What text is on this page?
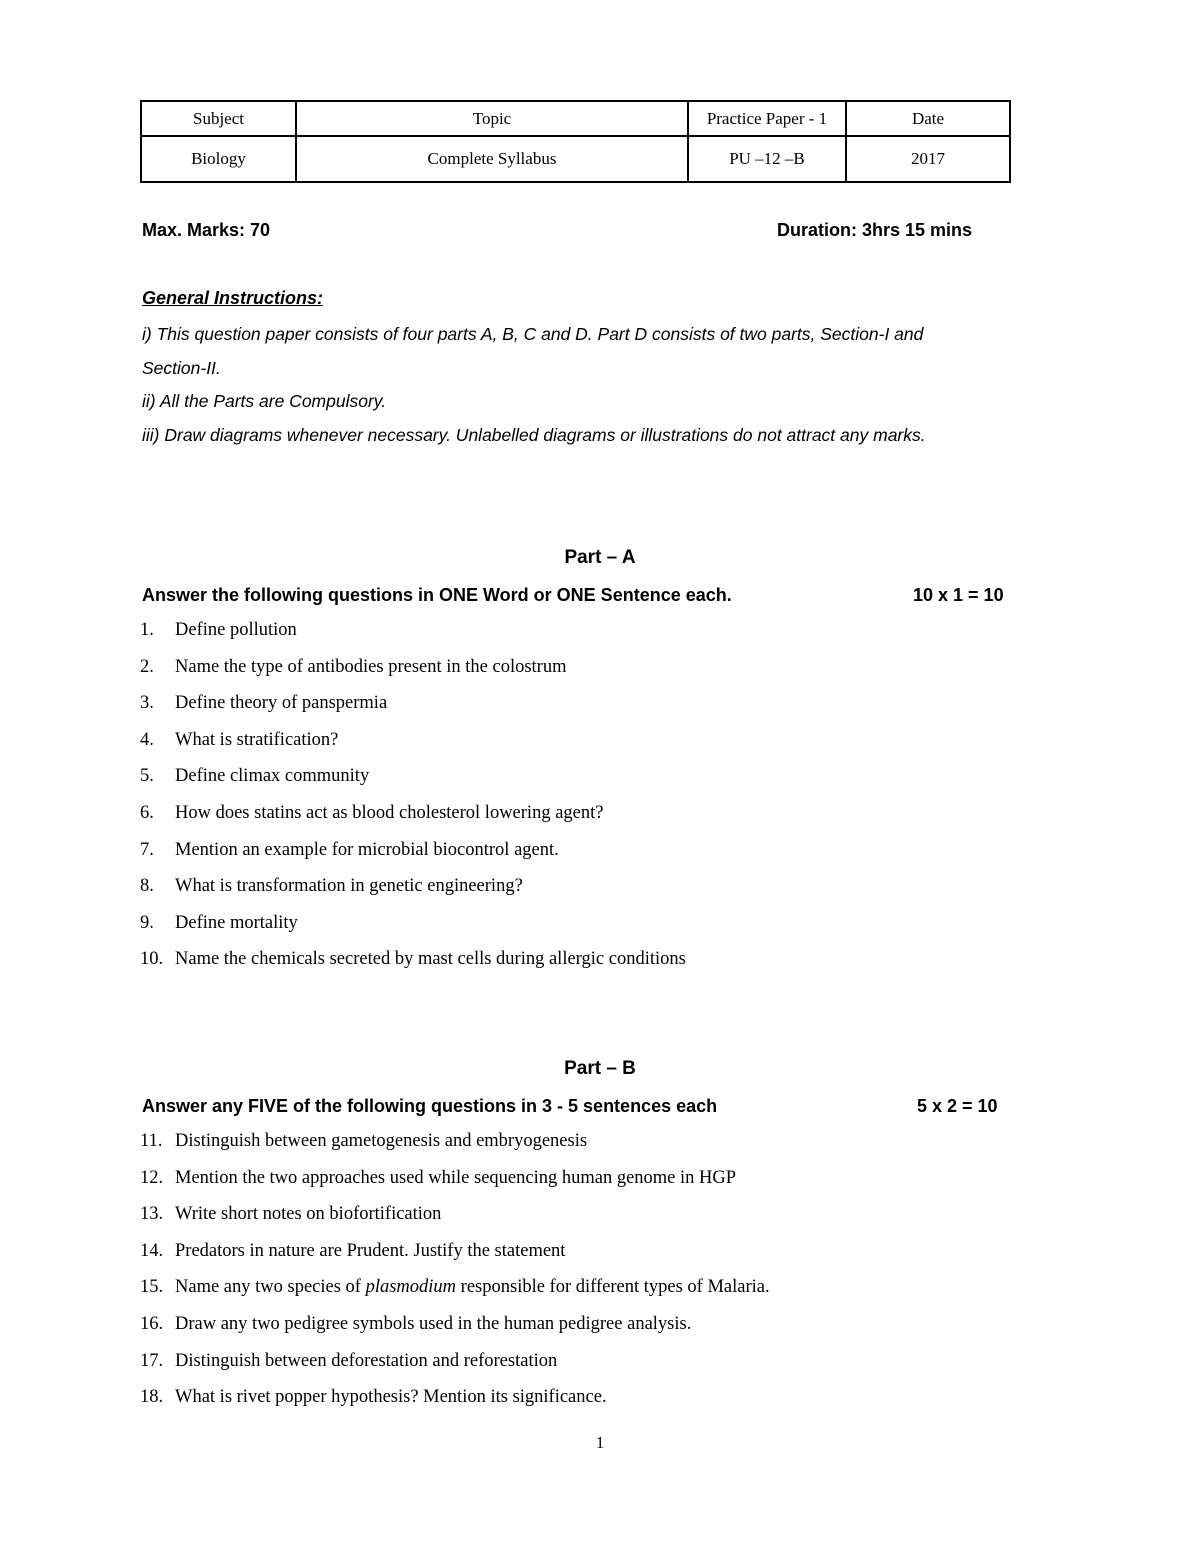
Subject	Topic	Practice Paper - 1	Date
Biology	Complete Syllabus	PU –12 –B	2017
Max. Marks: 70	Duration: 3hrs 15 mins
General Instructions:

i) This question paper consists of four parts A, B, C and D. Part D consists of two parts, Section-I and

Section-II.

ii) All the Parts are Compulsory.

iii) Draw diagrams whenever necessary. Unlabelled diagrams or illustrations do not attract any marks.

Part – A
Answer the following questions in ONE Word or ONE Sentence each.	10 x 1 = 10
1.	Define pollution
2.	Name the type of antibodies present in the colostrum
3.	Define theory of panspermia
4.	What is stratification?
5.	Define climax community
6.	How does statins act as blood cholesterol lowering agent?
7.	Mention an example for microbial biocontrol agent.
8.	What is transformation in genetic engineering?
9.	Define mortality
10. Name the chemicals secreted by mast cells during allergic conditions
Part – B
Answer any FIVE of the following questions in 3 - 5 sentences each	5 x 2 = 10
11. Distinguish between gametogenesis and embryogenesis
12. Mention the two approaches used while sequencing human genome in HGP
13. Write short notes on biofortification
14. Predators in nature are Prudent. Justify the statement
15. Name any two species of plasmodium responsible for different types of Malaria.
16. Draw any two pedigree symbols used in the human pedigree analysis.
17. Distinguish between deforestation and reforestation
18. What is rivet popper hypothesis? Mention its significance.
1
